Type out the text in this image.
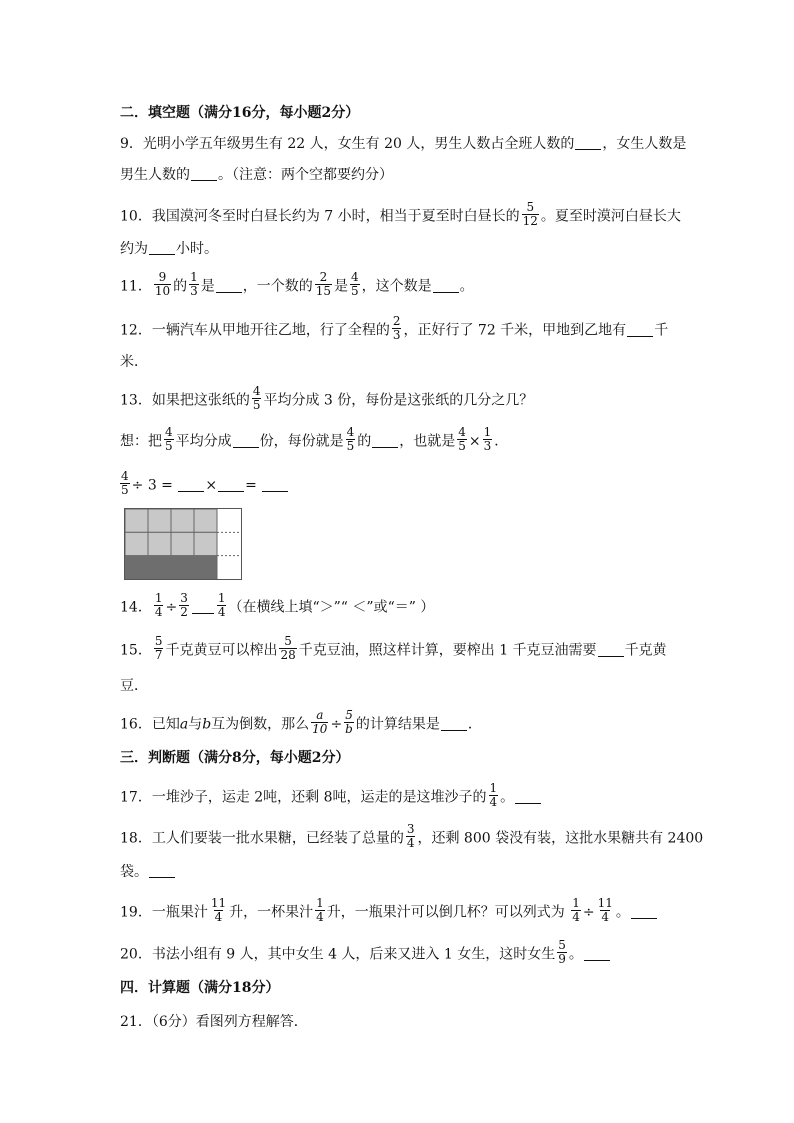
二．填空题（满分16分，每小题2分）
9．光明小学五年级男生有 22 人，女生有 20 人，男生人数占全班人数的 ，女生人数是
男生人数的 。（注意：两个空都要约分）
10．我国漠河冬至时白昼长约为 7 小时，相当于夏至时白昼长的 $\frac{5}{12}$ 。夏至时漠河白昼长大
约为 小时。
11． $\frac{9}{10}$ 的 $\frac{1}{3}$ 是 ，一个数的 $\frac{2}{15}$ 是 $\frac{4}{5}$ ，这个数是 。
12．一辆汽车从甲地开往乙地，行了全程的 $\frac{2}{3}$ ，正好行了 72 千米，甲地到乙地有 千
米．
13．如果把这张纸的 $\frac{4}{5}$ 平均分成 3 份，每份是这张纸的几分之几？
想：把 $\frac{4}{5}$ 平均分成 份，每份就是 $\frac{4}{5}$ 的 ，也就是 $\frac{4}{5} \times \frac{1}{3}$ ．
$\frac{4}{5} \div 3$ = × =
14． $\frac{1}{4} \div \frac{3}{2} \frac{1}{4}$ （在横线上填“＞”“ ＜”或“＝” ）
15． $\frac{5}{7}$ 千克黄豆可以榨出 $\frac{5}{28}$ 千克豆油，照这样计算，要榨出 1 千克豆油需要 千克黄
豆．
16．已知a与b互为倒数，那么 $\frac{a}{10} \div \frac{5}{b}$ 的计算结果是 ．
三．判断题（满分8分，每小题2分）
17．一堆沙子，运走 2吨，还剩 8吨，运走的是这堆沙子的 $\frac{1}{4}$ 。
18．工人们要装一批水果糖，已经装了总量的 $\frac{3}{4}$ ，还剩 800 袋没有装，这批水果糖共有 2400
袋。
19．一瓶果汁 $\frac{11}{4}$ 升，一杯果汁 $\frac{1}{4}$ 升，一瓶果汁可以倒几杯？可以列式为 $\frac{1}{4} \div \frac{11}{4}$ 。
20．书法小组有 9 人，其中女生 4 人，后来又进入 1 女生，这时女生 $\frac{5}{9}$ 。
四．计算题（满分18分）
21．（6分）看图列方程解答．
